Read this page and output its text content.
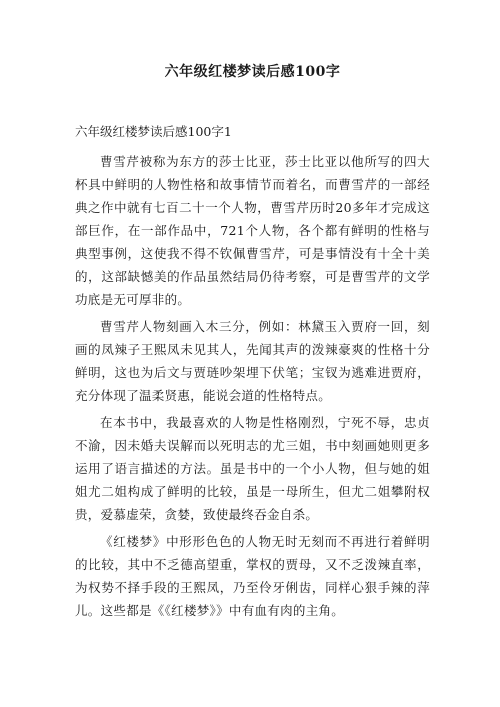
六年级红楼梦读后感100字
六年级红楼梦读后感100字1

曹雪芹被称为东方的莎士比亚，莎士比亚以他所写的四大杯具中鲜明的人物性格和故事情节而着名，而曹雪芹的一部经典之作中就有七百二十一个人物，曹雪芹历时20多年才完成这部巨作，在一部作品中，721个人物，各个都有鲜明的性格与典型事例，这使我不得不钦佩曹雪芹，可是事情没有十全十美的，这部缺憾美的作品虽然结局仍待考察，可是曹雪芹的文学功底是无可厚非的。

曹雪芹人物刻画入木三分，例如：林黛玉入贾府一回，刻画的凤辣子王熙凤未见其人，先闻其声的泼辣豪爽的性格十分鲜明，这也为后文与贾琏吵架埋下伏笔；宝钗为逃难进贾府，充分体现了温柔贤惠，能说会道的性格特点。

在本书中，我最喜欢的人物是性格刚烈，宁死不辱，忠贞不渝，因未婚夫误解而以死明志的尤三姐，书中刻画她则更多运用了语言描述的方法。虽是书中的一个小人物，但与她的姐姐尤二姐构成了鲜明的比较，虽是一母所生，但尤二姐攀附权贵，爱慕虚荣，贪婪，致使最终吞金自杀。

《红楼梦》中形形色色的人物无时无刻而不再进行着鲜明的比较，其中不乏德高望重，掌权的贾母，又不乏泼辣直率，为权势不择手段的王熙凤，乃至伶牙俐齿，同样心狠手辣的萍儿。这些都是《《红楼梦》》中有血有肉的主角。
